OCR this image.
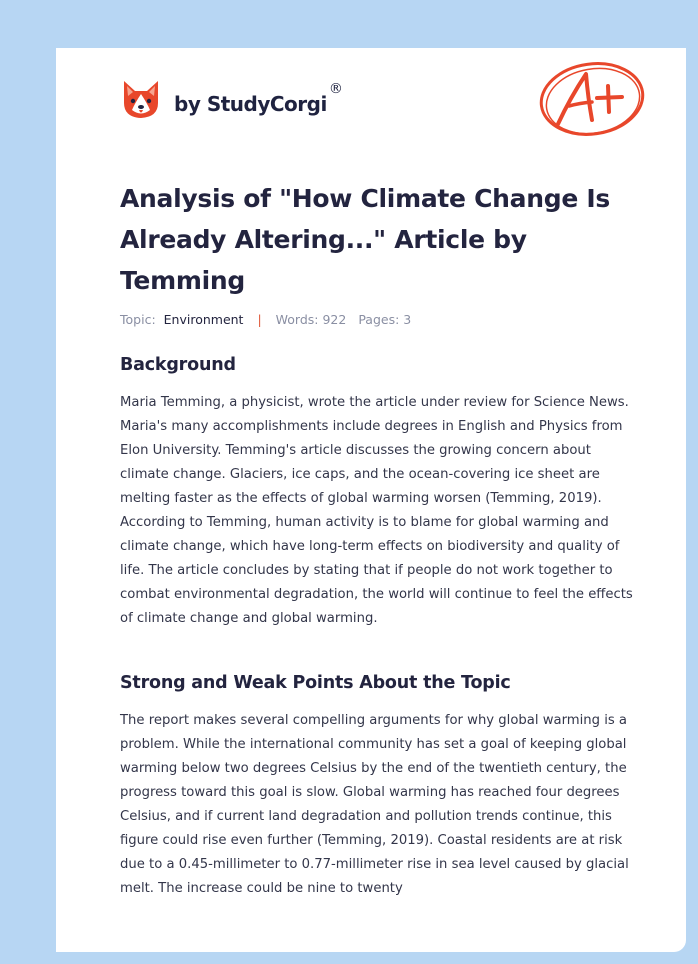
by StudyCorgi
®
Analysis of "How Climate Change Is Already Altering..." Article by Temming
Topic: Environment | Words: 922 Pages: 3
Background

Maria Temming, a physicist, wrote the article under review for Science News. Maria's many accomplishments include degrees in English and Physics from Elon University. Temming's article discusses the growing concern about climate change. Glaciers, ice caps, and the ocean-covering ice sheet are melting faster as the effects of global warming worsen (Temming, 2019). According to Temming, human activity is to blame for global warming and climate change, which have long-term effects on biodiversity and quality of life. The article concludes by stating that if people do not work together to combat environmental degradation, the world will continue to feel the effects of climate change and global warming.

Strong and Weak Points About the Topic

The report makes several compelling arguments for why global warming is a problem. While the international community has set a goal of keeping global warming below two degrees Celsius by the end of the twentieth century, the progress toward this goal is slow. Global warming has reached four degrees Celsius, and if current land degradation and pollution trends continue, this figure could rise even further (Temming, 2019). Coastal residents are at risk due to a 0.45-millimeter to 0.77-millimeter rise in sea level caused by glacial melt. The increase could be nine to twenty
